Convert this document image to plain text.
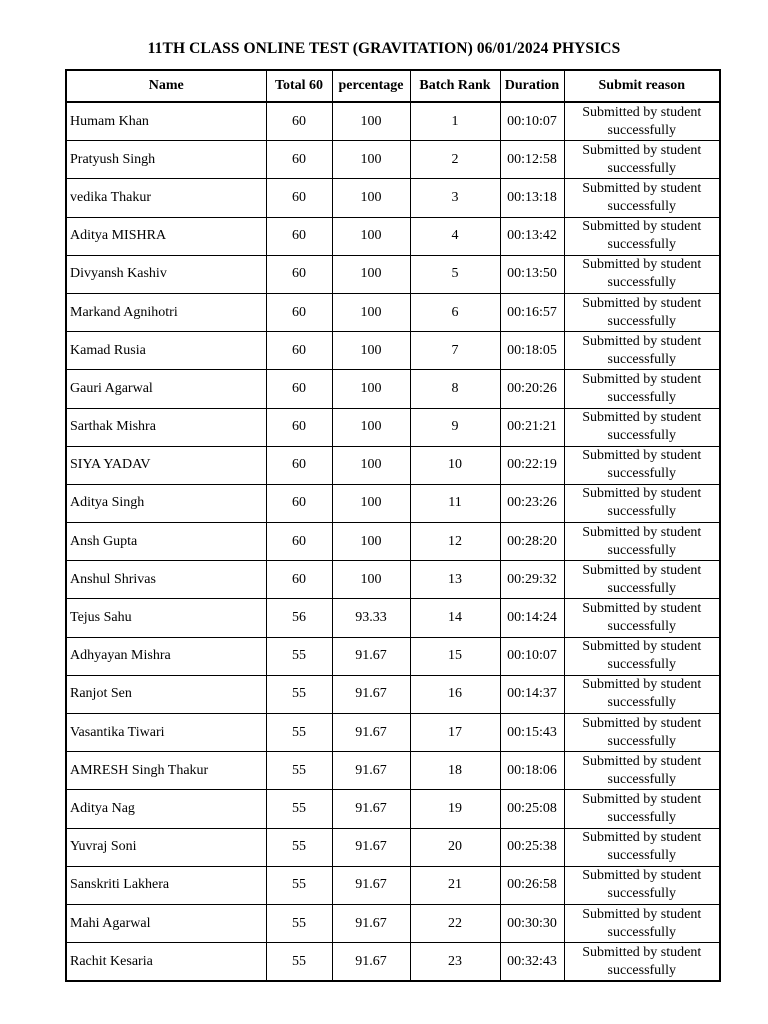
11TH CLASS ONLINE TEST (GRAVITATION) 06/01/2024 PHYSICS
Name	Total 60	percentage	Batch Rank	Duration	Submit reason
Humam Khan	60	100	1	00:10:07	Submitted by student successfully
Pratyush Singh	60	100	2	00:12:58	Submitted by student successfully
vedika Thakur	60	100	3	00:13:18	Submitted by student successfully
Aditya MISHRA	60	100	4	00:13:42	Submitted by student successfully
Divyansh Kashiv	60	100	5	00:13:50	Submitted by student successfully
Markand Agnihotri	60	100	6	00:16:57	Submitted by student successfully
Kamad Rusia	60	100	7	00:18:05	Submitted by student successfully
Gauri Agarwal	60	100	8	00:20:26	Submitted by student successfully
Sarthak Mishra	60	100	9	00:21:21	Submitted by student successfully
SIYA YADAV	60	100	10	00:22:19	Submitted by student successfully
Aditya Singh	60	100	11	00:23:26	Submitted by student successfully
Ansh Gupta	60	100	12	00:28:20	Submitted by student successfully
Anshul Shrivas	60	100	13	00:29:32	Submitted by student successfully
Tejus Sahu	56	93.33	14	00:14:24	Submitted by student successfully
Adhyayan Mishra	55	91.67	15	00:10:07	Submitted by student successfully
Ranjot Sen	55	91.67	16	00:14:37	Submitted by student successfully
Vasantika Tiwari	55	91.67	17	00:15:43	Submitted by student successfully
AMRESH Singh Thakur	55	91.67	18	00:18:06	Submitted by student successfully
Aditya Nag	55	91.67	19	00:25:08	Submitted by student successfully
Yuvraj Soni	55	91.67	20	00:25:38	Submitted by student successfully
Sanskriti Lakhera	55	91.67	21	00:26:58	Submitted by student successfully
Mahi Agarwal	55	91.67	22	00:30:30	Submitted by student successfully
Rachit Kesaria	55	91.67	23	00:32:43	Submitted by student successfully
